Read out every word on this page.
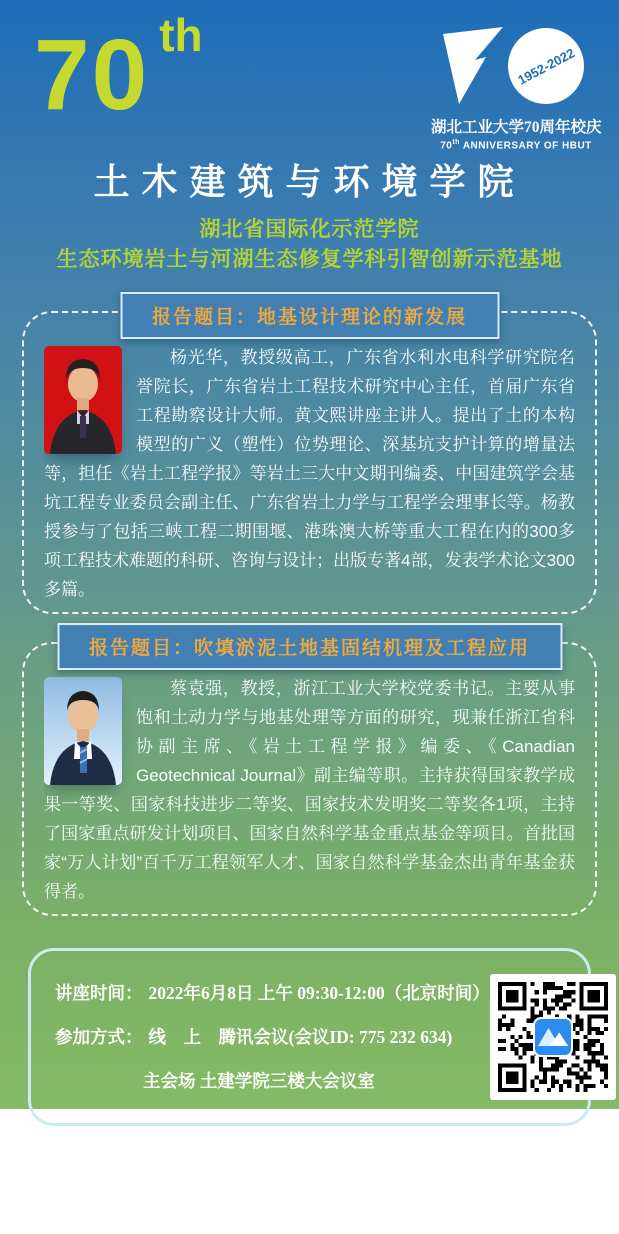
70 $^{th}$
1952-2022
湖北工业大学70周年校庆
70th ANNIVERSARY OF HBUT
土木建筑与环境学院
湖北省国际化示范学院
生态环境岩土与河湖生态修复学科引智创新示范基地
报告题目：地基设计理论的新发展

杨光华，教授级高工，广东省水利水电科学研究院名誉院长，广东省岩土工程技术研究中心主任，首届广东省工程勘察设计大师。黄文熙讲座主讲人。提出了土的本构模型的广义（塑性）位势理论、深基坑支护计算的增量法等，担任《岩土工程学报》等岩土三大中文期刊编委、中国建筑学会基坑工程专业委员会副主任、广东省岩土力学与工程学会理事长等。杨教授参与了包括三峡工程二期围堰、港珠澳大桥等重大工程在内的300多项工程技术难题的科研、咨询与设计；出版专著4部，发表学术论文300多篇。

报告题目：吹填淤泥土地基固结机理及工程应用

蔡袁强，教授，浙江工业大学校党委书记。主要从事饱和土动力学与地基处理等方面的研究，现兼任浙江省科协副主席、《岩土工程学报》编委、《Canadian Geotechnical Journal》副主编等职。主持获得国家教学成果一等奖、国家科技进步二等奖、国家技术发明奖二等奖各1项，主持了国家重点研发计划项目、国家自然科学基金重点基金等项目。首批国家“万人计划”百千万工程领军人才、国家自然科学基金杰出青年基金获得者。

讲座时间： 2022年6月8日 上午 09:30-12:00（北京时间）
参加方式： 线　上　腾讯会议(会议ID: 775 232 634)
主会场 土建学院三楼大会议室
学术校庆·百场学术论坛 （第62期）
ACADEMIC CELEBRATION	100 ACADEMIC FORUMS
